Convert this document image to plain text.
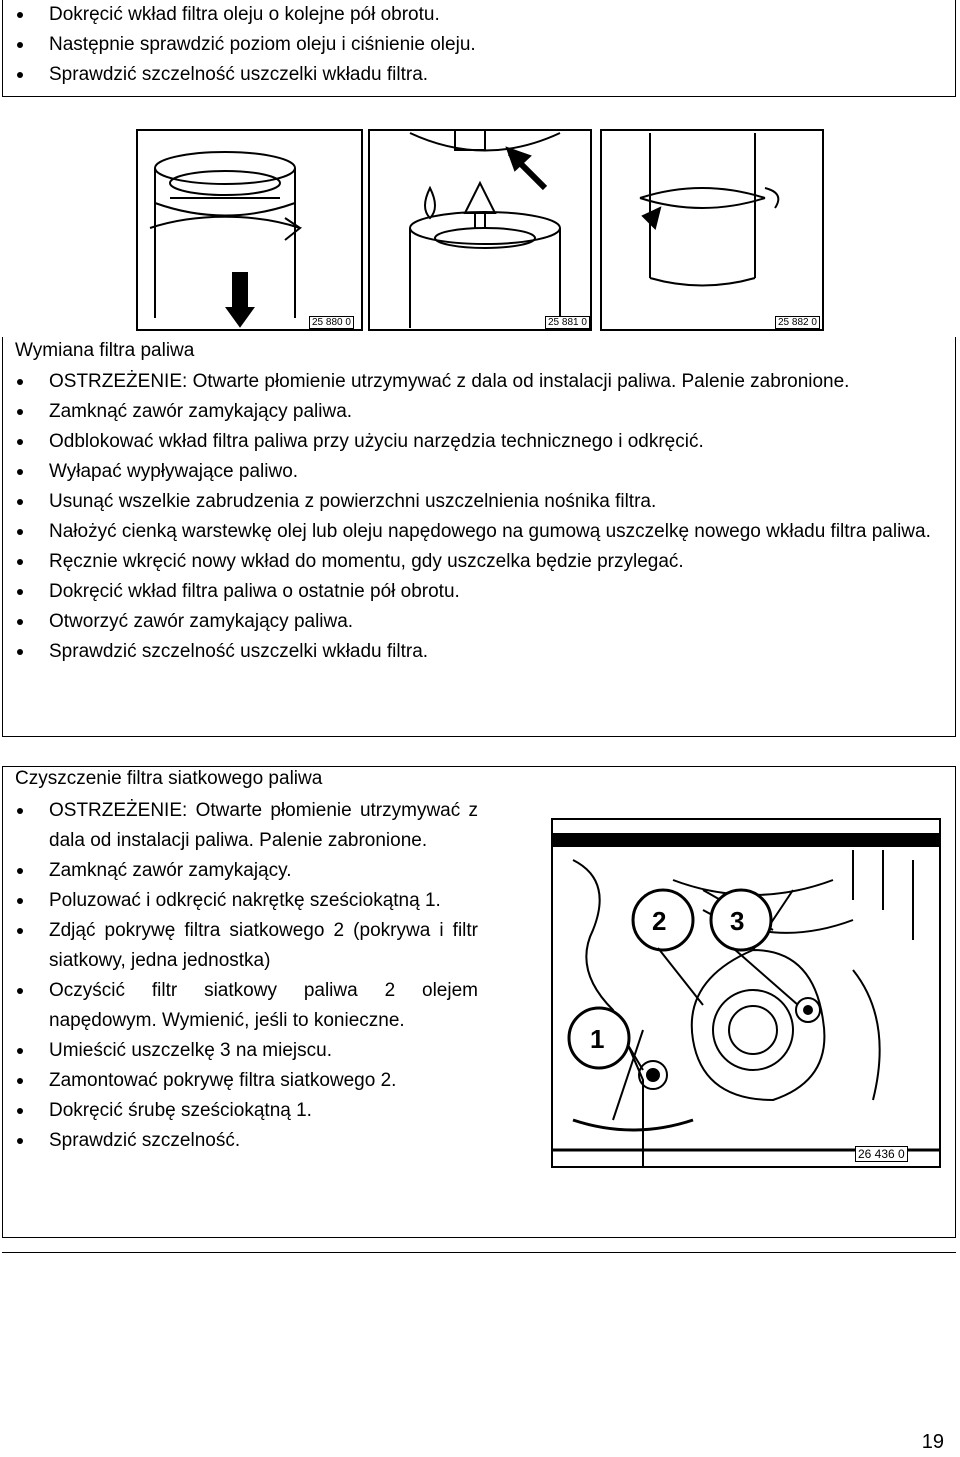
Dokręcić wkład filtra oleju o kolejne pół obrotu.
Następnie sprawdzić poziom oleju i ciśnienie oleju.
Sprawdzić szczelność uszczelki wkładu filtra.
25 880 0	25 881 0	25 882 0
Wymiana filtra paliwa
OSTRZEŻENIE: Otwarte płomienie utrzymywać z dala od instalacji paliwa. Palenie zabronione.
Zamknąć zawór zamykający paliwa.
Odblokować wkład filtra paliwa przy użyciu narzędzia technicznego i odkręcić.
Wyłapać wypływające paliwo.
Usunąć wszelkie zabrudzenia z powierzchni uszczelnienia nośnika filtra.
Nałożyć cienką warstewkę olej lub oleju napędowego na gumową uszczelkę nowego wkładu filtra paliwa.
Ręcznie wkręcić nowy wkład do momentu, gdy uszczelka będzie przylegać.
Dokręcić wkład filtra paliwa o ostatnie pół obrotu.
Otworzyć zawór zamykający paliwa.
Sprawdzić szczelność uszczelki wkładu filtra.
Czyszczenie filtra siatkowego paliwa
OSTRZEŻENIE: Otwarte płomienie utrzymywać z dala od instalacji paliwa. Palenie zabronione.
Zamknąć zawór zamykający.
Poluzować i odkręcić nakrętkę sześciokątną 1.
Zdjąć pokrywę filtra siatkowego 2 (pokrywa i filtr siatkowy, jedna jednostka)
Oczyścić filtr siatkowy paliwa 2 olejem napędowym. Wymienić, jeśli to konieczne.
Umieścić uszczelkę 3 na miejscu.
Zamontować pokrywę filtra siatkowego 2.
Dokręcić śrubę sześciokątną 1.
Sprawdzić szczelność.
2 3
1
26 436 0
19
